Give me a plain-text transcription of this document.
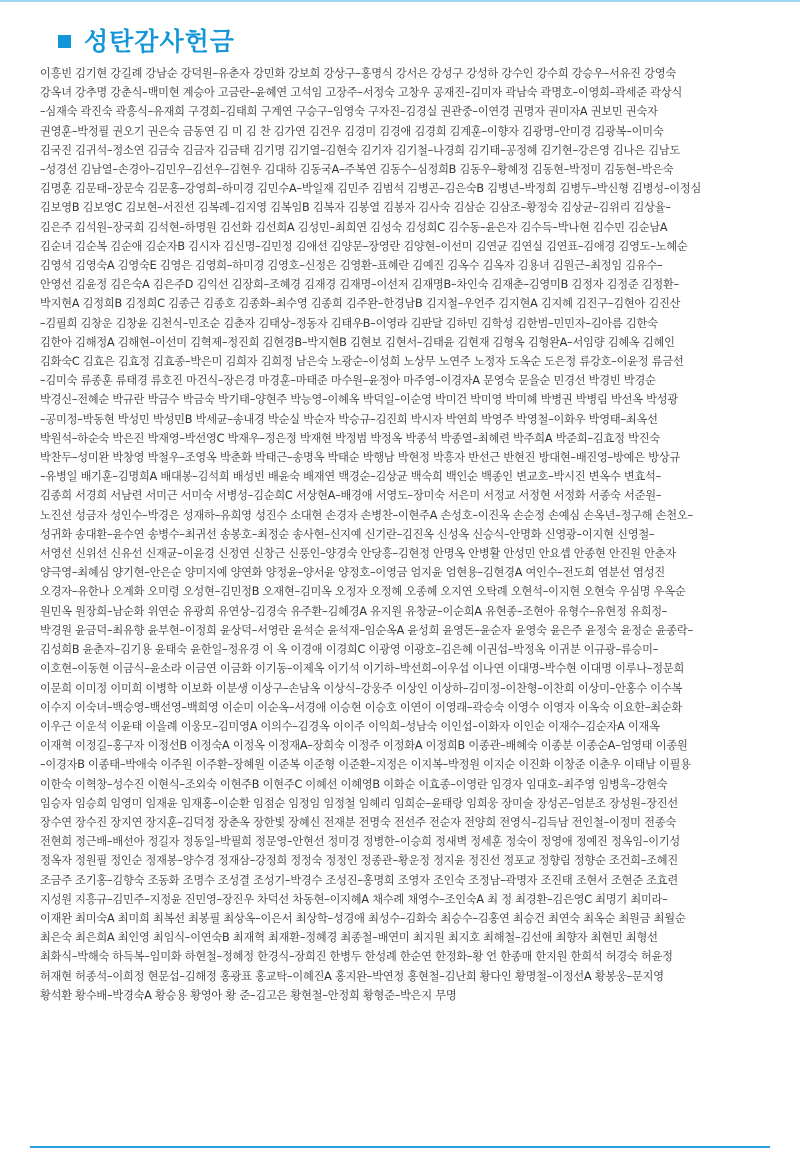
성탄감사헌금

이흥빈 김기현 강길례 강남순 강덕원–유춘자 강민화 강보희 강상구–홍명식 강서은 강성구 강성하 강수인 강수희 강승우–서유진 강영숙

강옥녀 강추명 강춘식–백미현 계승아 고금란–윤혜연 고석임 고장주–서정숙 고창우 공재진–김미자 곽남숙 곽명호–이영희–곽세준 곽상식

–심재숙 곽진숙 곽흥식–유재희 구경희–김태희 구계연 구승구–임영숙 구자진–김경실 권관중–이연경 권명자 권미자A 권보민 권숙자

권영훈–박정필 권오기 권은숙 금동연 김 미 김 찬 김가연 김건우 김경미 김경애 김경희 김계훈–이향자 김광명–안미경 김광복–이미숙

김국진 김귀석–정소연 김금숙 김금자 김금태 김기명 김기열–김현숙 김기자 김기철–나경희 김기태–공정혜 김기현–강은영 김나은 김남도

–성경선 김남열–손경아–김민우–김선우–김현우 김대하 김동국A–주복연 김동수–심정희B 김동우–황혜정 김동현–박정미 김동현–박은숙

김명훈 김문태–장문숙 김문홍–강영희–하미경 김민수A–박일재 김민주 김범석 김병곤–김은숙B 김병년–박정희 김병두–박신형 김병성–이정심

김보영B 김보영C 김보현–서진선 김복례–김지영 김복임B 김복자 김봉열 김봉자 김사숙 김삼순 김삼조–황정숙 김상균–김위리 김상율–

김은주 김석원–장국희 김석현–하명원 김선화 김선희A 김성민–최희연 김성숙 김성희C 김수동–윤은자 김수득–박나현 김수민 김순남A

김순녀 김순복 김순애 김순자B 김시자 김신명–김민정 김애선 김양문–장영란 김양현–이선미 김연균 김연실 김연표–김애경 김영도–노혜순

김영석 김영숙A 김영숙E 김영은 김영희–하미경 김영호–신정은 김영환–표혜란 김예진 김옥수 김옥자 김용녀 김원근–최정임 김유수–

안영선 김윤정 김은숙A 김은주D 김익선 김장희–조혜경 김재경 김재명–이선저 김재명B–차인숙 김재춘–김영미B 김정자 김정준 김정환–

박지현A 김정희B 김정희C 김종근 김종호 김종화–최수영 김종희 김주완–한경남B 김지철–우언주 김지현A 김지혜 김진구–김현아 김진산

–김필희 김창운 김창윤 김천식–민조순 김춘자 김태상–정동자 김태우B–이영라 김판달 김하민 김학성 김한범–민민자–김아름 김한숙

김한아 김해정A 김해현–이선미 김혁제–정진희 김현경B–박지현B 김현보 김현서–김태윤 김현재 김형옥 김형완A–서임량 김혜옥 김혜인

김화숙C 김효은 김효정 김효종–박은미 김희자 김희정 남은숙 노광순–이성희 노상무 노연주 노정자 도옥순 도은정 류강호–이윤정 류금선

–김미숙 류종훈 류태경 류호진 마건식–장은경 마경훈–마태준 마수원–윤정아 마주영–이경자A 문영숙 문을순 민경선 박경빈 박경순

박경신–전혜순 박규란 박금수 박금숙 박기태–양현주 박능영–이혜옥 박덕일–이순영 박미건 박미영 박미혜 박병권 박병림 박선옥 박성광

–공미정–박동현 박성민 박성민B 박세균–송내경 박순실 박순자 박승규–김진희 박시자 박연희 박영주 박영철–이화우 박영태–최옥선

박원석–하순숙 박은진 박재영–박선영C 박재우–정은정 박재현 박정범 박정옥 박종석 박종열–최혜련 박주희A 박준희–김효정 박진숙

박찬두–성미완 박창영 박철우–조영옥 박춘화 박태근–송명옥 박태순 박행남 박현정 박흥자 반선근 반현진 방대현–배진영–방예은 방상규

–유병일 배기훈–김명희A 배대봉–김석희 배성빈 배윤숙 배재연 백경순–김상균 백숙희 백인순 백종인 변교호–박시진 변옥수 변효석–

김종희 서경희 서남련 서미근 서미숙 서병성–김순희C 서상현A–배경애 서영도–장미숙 서은미 서정교 서정현 서정화 서종숙 서준원–

노진선 성금자 성인수–박경은 성재하–유희영 성진수 소대현 손경자 손병찬–이현주A 손성호–이진옥 손순정 손예심 손옥년–정구해 손천오–

성귀화 송대환–윤수연 송병수–최귀선 송봉호–최정순 송사현–신지예 신기란–김진옥 신성옥 신승식–안명화 신영광–이지현 신영철–

서영선 신위선 신유선 신재균–이윤경 신정연 신창근 신풍인–양경숙 안당흥–김현정 안명옥 안병활 안성민 안요셉 안종현 안진원 안춘자

양극영–최혜심 양기현–안은순 양미지예 양연화 양정윤–양서윤 양정호–이영금 엄지윤 엄현용–김현경A 여인수–전도희 염분선 염성진

오경자–유한나 오계화 오미령 오성현–김민정B 오재현–김미옥 오정자 오정혜 오종혜 오지연 오탁례 오현석–이지현 오현숙 우심명 우옥순

원민옥 원장희–남순화 위연순 유광희 유연상–김경숙 유주환–김혜경A 유지원 유창균–이순희A 유현종–조현아 유형수–유현정 유희정–

박경원 윤금덕–최유향 윤부현–이정희 윤상덕–서영란 윤석순 윤석재–임순옥A 윤성희 윤영돈–윤순자 윤영숙 윤은주 윤정숙 윤정순 윤종락–

김성희B 윤춘자–김기용 윤태숙 윤한일–정유경 이 옥 이경애 이경희C 이광영 이광호–김은혜 이권섭–박정옥 이귀분 이규광–류승미–

이호현–이동현 이금식–윤소라 이금연 이금화 이기동–이제옥 이기석 이기하–박선희–이우섭 이나연 이대명–박수현 이대명 이루나–정문희

이문희 이미정 이미희 이병학 이보화 이분생 이상구–손남옥 이상식–강웅주 이상인 이상하–김미정–이찬형–이찬희 이상미–안홍수 이수복

이수지 이숙녀–백승영–백선영–백희영 이순미 이순옥–서경애 이승현 이승호 이연이 이영래–곽승숙 이영수 이영자 이옥숙 이요한–최순화

이우근 이운석 이윤태 이을례 이웅모–김미영A 이의수–김경옥 이이주 이익희–성남숙 이인섭–이화자 이인순 이재수–김순자A 이재옥

이재혁 이정길–홍구자 이정선B 이정숙A 이정옥 이정재A–장희숙 이정주 이정화A 이정희B 이종관–배혜숙 이종분 이종순A–엄영태 이종원

–이경자B 이종태–박애숙 이주원 이주환–장혜원 이준복 이준형 이준환–지정은 이지복–박정원 이지순 이진화 이창준 이춘우 이태남 이필용

이한숙 이혁창–성수진 이현식–조외숙 이현주B 이현주C 이혜선 이혜영B 이화순 이효종–이영란 임경자 임대호–최주영 임병욱–강현숙

임승자 임승희 임영미 임재윤 임재홍–이순환 임점순 임정임 임정철 임혜리 임희순–윤태랑 임희웅 장미술 장성곤–엄분조 장성원–장진선

장수연 장수진 장지연 장지훈–김덕정 장춘옥 장한빛 장혜신 전재분 전명숙 전선주 전순자 전양희 전영식–김득남 전인철–이정미 전종숙

전현희 정근배–배선아 정길자 정동일–박필희 정문영–안현선 정미경 정병한–이승희 정새벽 정세훈 정숙이 정영애 정예진 정옥임–이기성

정옥자 정원필 정인순 정재봉–양수경 정재삼–강정희 정정숙 정정인 정종관–황운정 정지윤 정진선 정포교 정향림 정향순 조건희–조혜진

조금주 조기홍–김향숙 조동화 조명수 조성결 조성기–박경수 조성진–홍명희 조영자 조인숙 조정남–곽명자 조진태 조현서 조현준 조효련

지성원 지흥규–김민주–지정윤 진민영–장진우 차덕선 차동현–이지혜A 채수례 채영수–조인숙A 최 정 최경환–김은영C 최명기 최미라–

이재완 최미숙A 최미희 최복선 최봉필 최상옥–이은서 최상학–성경애 최성수–김화숙 최승수–김홍연 최승건 최연숙 최옥순 최원금 최월순

최은숙 최은희A 최인영 최임식–이연숙B 최재혁 최재환–정혜경 최종철–배연미 최지원 최지호 최해철–김선애 최향자 최현민 최형선

최화식–박해숙 하득복–임미화 하현철–정혜정 한경식–장희진 한병두 한성례 한순연 한정화–황 언 한종매 한지원 한희석 허경숙 허윤정

허재현 허종석–이희정 현문섭–김해정 홍광표 홍교탁–이혜진A 홍지완–박연정 홍현철–김난희 황다인 황명철–이정선A 황봉웅–문지영

황석환 황수배–박경숙A 황승용 황영아 황 준–김고은 황현철–안정희 황형준–박은지 무명
